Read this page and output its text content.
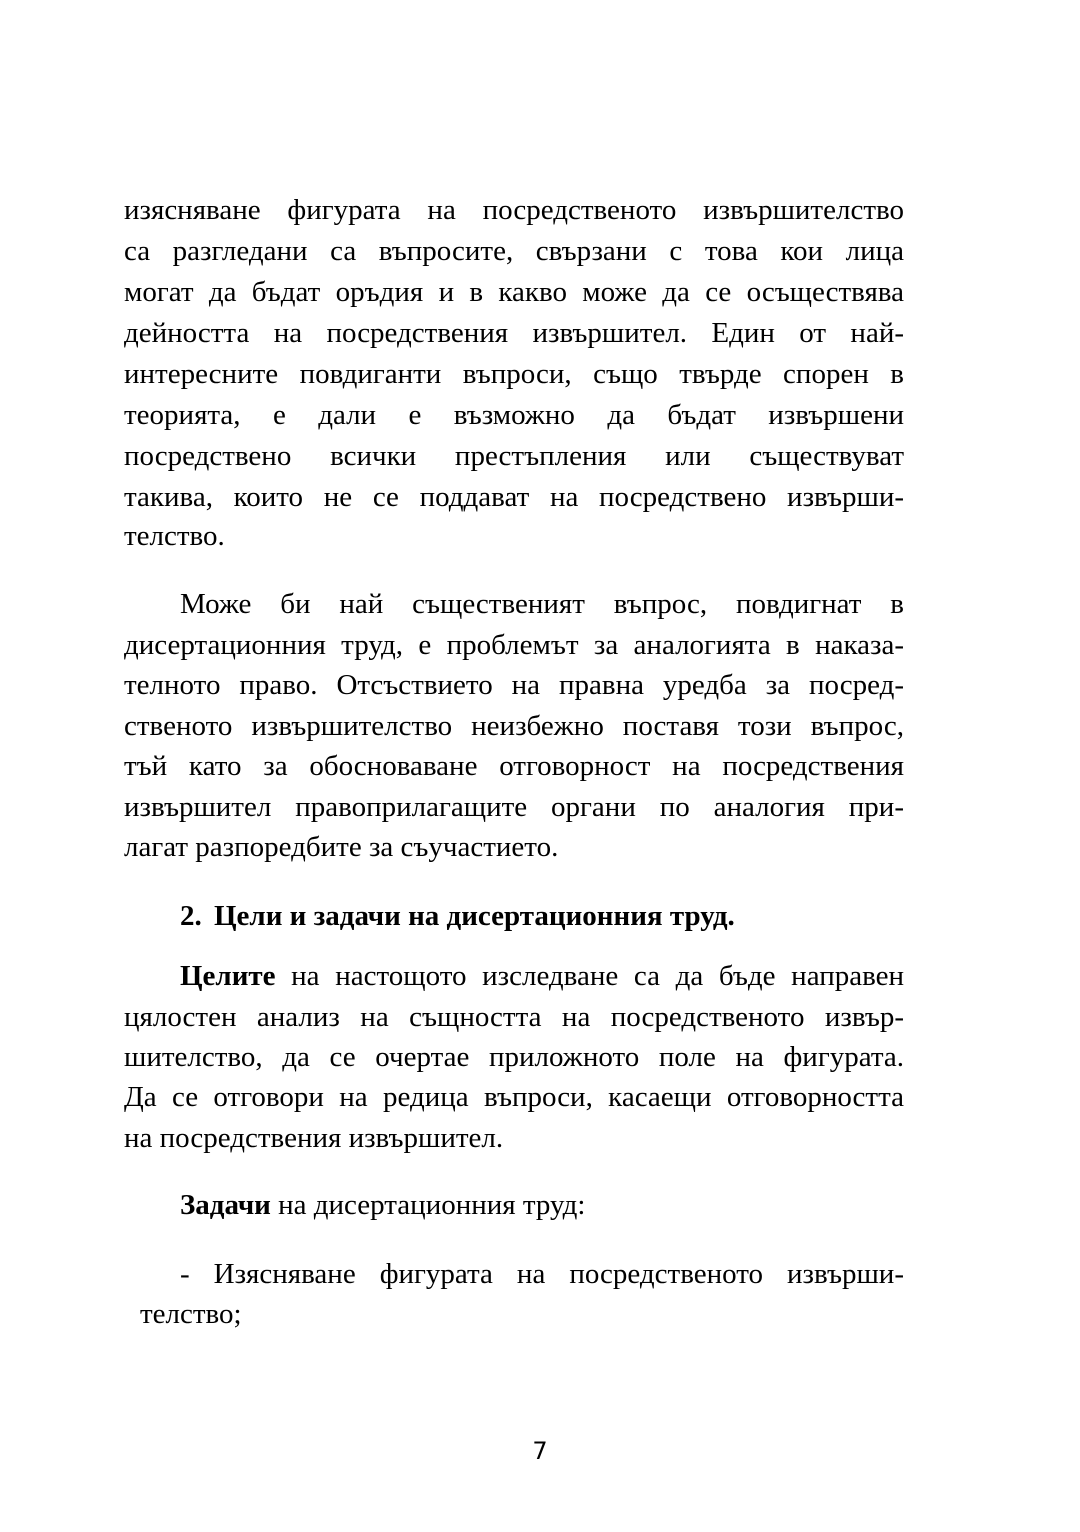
изясняване фигурата на посредственото извършителство
са разгледани са въпросите, свързани с това кои лица
могат да бъдат оръдия и в какво може да се осъществява
дейността на посредствения извършител. Един от най-
интересните повдиганти въпроси, също твърде спорен в
теорията, е дали е възможно да бъдат извършени
посредствено всички престъпления или съществуват
такива, които не се поддават на посредствено извърши-
телство.
Може би най същественият въпрос, повдигнат в
дисертационния труд, е проблемът за аналогията в наказа-
телното право. Отсъствието на правна уредба за посред-
ственото извършителство неизбежно поставя този въпрос,
тъй като за обосноваване отговорност на посредствения
извършител правоприлагащите органи по аналогия при-
лагат разпоредбите за съучастието.
2. Цели и задачи на дисертационния труд.
Целите на настощото изследване са да бъде направен
цялостен анализ на същността на посредственото извър-
шителство, да се очертае приложното поле на фигурата.
Да се отговори на редица въпроси, касаещи отговорността
на посредствения извършител.
Задачи на дисертационния труд:
- Изясняване фигурата на посредственото извърши-
телство;
7
